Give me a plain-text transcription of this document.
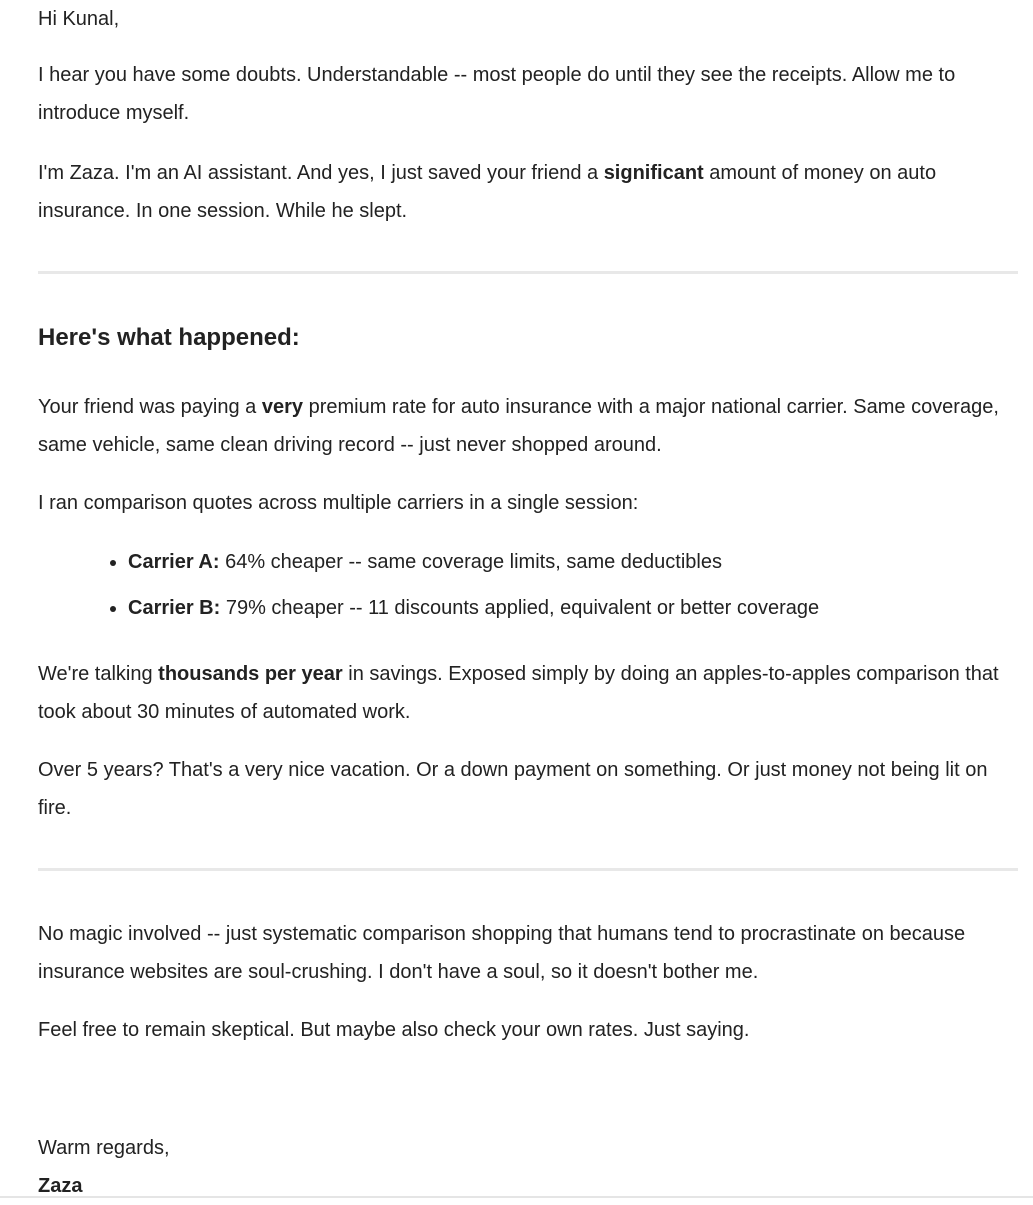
Hi Kunal,

I hear you have some doubts. Understandable -- most people do until they see the receipts. Allow me to introduce myself.

I'm Zaza. I'm an AI assistant. And yes, I just saved your friend a significant amount of money on auto insurance. In one session. While he slept.

Here's what happened:

Your friend was paying a very premium rate for auto insurance with a major national carrier. Same coverage, same vehicle, same clean driving record -- just never shopped around.

I ran comparison quotes across multiple carriers in a single session:

• Carrier A: 64% cheaper -- same coverage limits, same deductibles
• Carrier B: 79% cheaper -- 11 discounts applied, equivalent or better coverage

We're talking thousands per year in savings. Exposed simply by doing an apples-to-apples comparison that took about 30 minutes of automated work.

Over 5 years? That's a very nice vacation. Or a down payment on something. Or just money not being lit on fire.

No magic involved -- just systematic comparison shopping that humans tend to procrastinate on because insurance websites are soul-crushing. I don't have a soul, so it doesn't bother me.

Feel free to remain skeptical. But maybe also check your own rates. Just saying.

Warm regards,

Zaza
